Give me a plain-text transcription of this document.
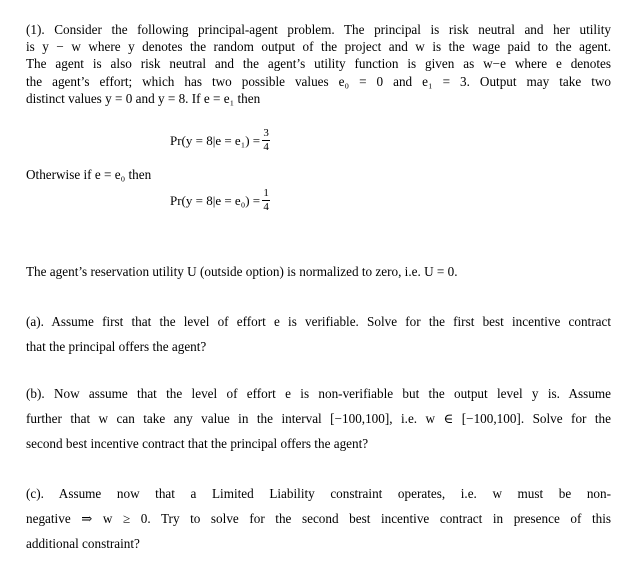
(1). Consider the following principal-agent problem. The principal is risk neutral and her utility
is y − w where y denotes the random output of the project and w is the wage paid to the agent.
The agent is also risk neutral and the agent’s utility function is given as w−e where e denotes
the agent’s effort; which has two possible values e₀ = 0 and e₁ = 3. Output may take two
distinct values y = 0 and y = 8. If e = e₁ then
$Pr(y = 8|e = e_1) = \frac{3}{4}$
Otherwise if e = e₀ then
$Pr(y = 8|e = e_0) = \frac{1}{4}$
The agent’s reservation utility U (outside option) is normalized to zero, i.e. U = 0.
(a). Assume first that the level of effort e is verifiable. Solve for the first best incentive contract
that the principal offers the agent?
(b). Now assume that the level of effort e is non-verifiable but the output level y is. Assume
further that w can take any value in the interval [−100,100], i.e. w ∈ [−100,100]. Solve for the
second best incentive contract that the principal offers the agent?
(c). Assume now that a Limited Liability constraint operates, i.e. w must be non-
negative ⇒ w ≥ 0. Try to solve for the second best incentive contract in presence of this
additional constraint?
